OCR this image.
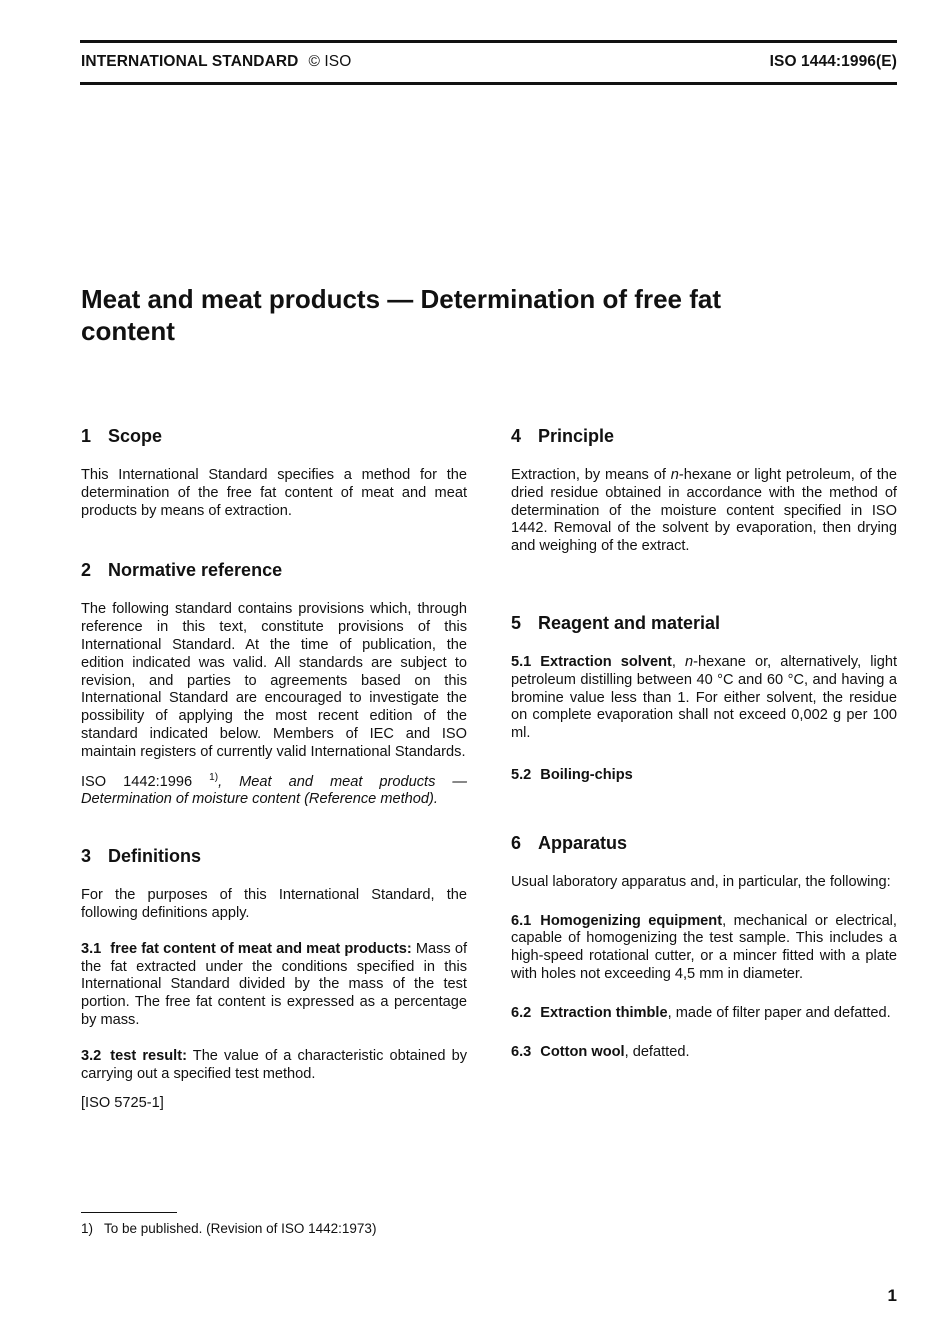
INTERNATIONAL STANDARD © ISO	ISO 1444:1996(E)
Meat and meat products — Determination of free fat
content
1 Scope

This International Standard specifies a method for the determination of the free fat content of meat and meat products by means of extraction.

2 Normative reference

The following standard contains provisions which, through reference in this text, constitute provisions of this International Standard. At the time of publication, the edition indicated was valid. All standards are subject to revision, and parties to agreements based on this International Standard are encouraged to investigate the possibility of applying the most recent edition of the standard indicated below. Members of IEC and ISO maintain registers of currently valid International Standards.

ISO 1442:1996 $^{1)}$, Meat and meat products — Determination of moisture content (Reference method).

3 Definitions

For the purposes of this International Standard, the following definitions apply.

3.1 free fat content of meat and meat products: Mass of the fat extracted under the conditions specified in this International Standard divided by the mass of the test portion. The free fat content is expressed as a percentage by mass.

3.2 test result: The value of a characteristic obtained by carrying out a specified test method.

[ISO 5725-1]

4 Principle

Extraction, by means of n-hexane or light petroleum, of the dried residue obtained in accordance with the method of determination of the moisture content specified in ISO 1442. Removal of the solvent by evaporation, then drying and weighing of the extract.

5 Reagent and material

5.1 Extraction solvent, n-hexane or, alternatively, light petroleum distilling between 40 °C and 60 °C, and having a bromine value less than 1. For either solvent, the residue on complete evaporation shall not exceed 0,002 g per 100 ml.

5.2 Boiling-chips

6 Apparatus

Usual laboratory apparatus and, in particular, the following:

6.1 Homogenizing equipment, mechanical or electrical, capable of homogenizing the test sample. This includes a high-speed rotational cutter, or a mincer fitted with a plate with holes not exceeding 4,5 mm in diameter.

6.2 Extraction thimble, made of filter paper and defatted.

6.3 Cotton wool, defatted.

1) To be published. (Revision of ISO 1442:1973)
1
